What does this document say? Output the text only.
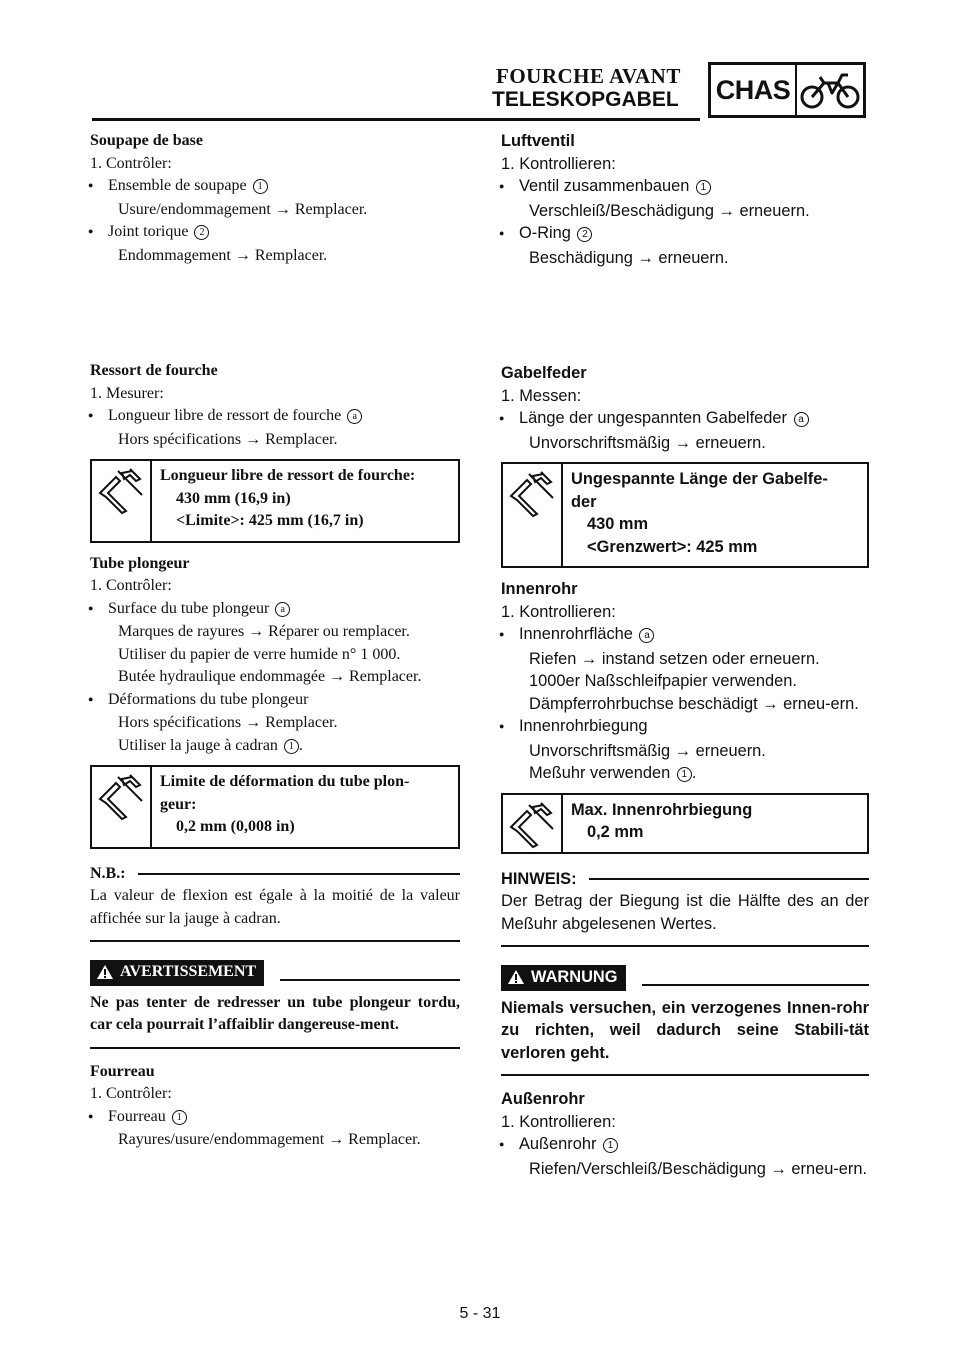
FOURCHE AVANT
TELESKOPGABEL CHAS

Soupape de base

1. Contrôler:

● Ensemble de soupape 1

Usure/endommagement → Remplacer.

● Joint torique 2

Endommagement → Remplacer.

Ressort de fourche

1. Mesurer:

● Longueur libre de ressort de fourche a

Hors spécifications → Remplacer.

Longueur libre de ressort de fourche:
430 mm (16,9 in)
<Limite>: 425 mm (16,7 in)

Tube plongeur

1. Contrôler:

● Surface du tube plongeur a

Marques de rayures → Réparer ou remplacer.

Utiliser du papier de verre humide n° 1 000.

Butée hydraulique endommagée → Remplacer.

● Déformations du tube plongeur

Hors spécifications → Remplacer.

Utiliser la jauge à cadran 1 .

Limite de déformation du tube plon-
geur:
0,2 mm (0,008 in)
N.B.:

La valeur de flexion est égale à la moitié de la valeur affichée sur la jauge à cadran.

AVERTISSEMENT

Ne pas tenter de redresser un tube plongeur tordu, car cela pourrait l’affaiblir dangereuse-ment.

Fourreau

1. Contrôler:

● Fourreau 1

Rayures/usure/endommagement → Remplacer.

Luftventil

1. Kontrollieren:

● Ventil zusammenbauen 1

Verschleiß/Beschädigung → erneuern.

● O-Ring 2

Beschädigung → erneuern.

Gabelfeder

1. Messen:

● Länge der ungespannten Gabelfeder a

Unvorschriftsmäßig → erneuern.

Ungespannte Länge der Gabelfe-
der
430 mm
<Grenzwert>: 425 mm

Innenrohr

1. Kontrollieren:

● Innenrohrfläche a

Riefen → instand setzen oder erneuern.

1000er Naßschleifpapier verwenden.

Dämpferrohrbuchse beschädigt → erneu-ern.

● Innenrohrbiegung

Unvorschriftsmäßig → erneuern.

Meßuhr verwenden 1 .

Max. Innenrohrbiegung
0,2 mm
HINWEIS:

Der Betrag der Biegung ist die Hälfte des an der Meßuhr abgelesenen Wertes.

WARNUNG

Niemals versuchen, ein verzogenes Innen-rohr zu richten, weil dadurch seine Stabili-tät verloren geht.

Außenrohr

1. Kontrollieren:

● Außenrohr 1

Riefen/Verschleiß/Beschädigung → erneu-ern.

5 - 31
